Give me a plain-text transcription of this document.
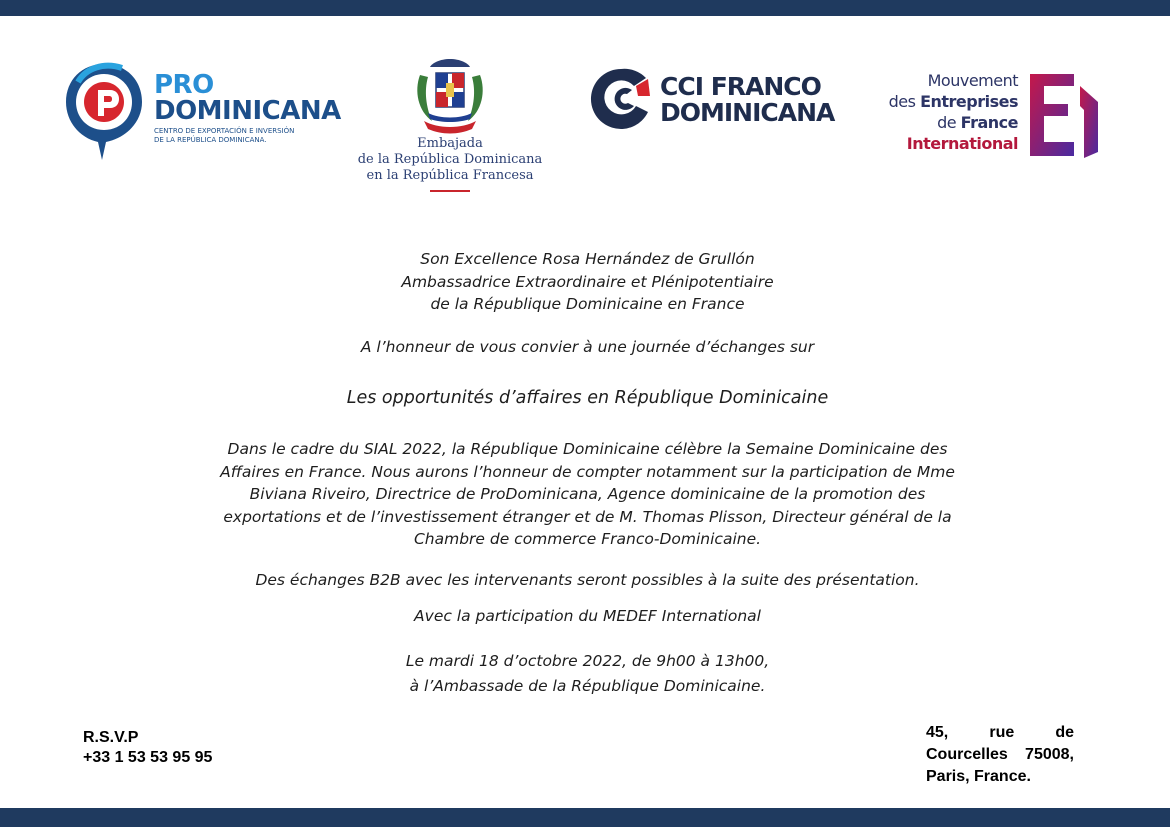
PRO
DOMINICANA
CENTRO DE EXPORTACIÓN E INVERSIÓN
DE LA REPÚBLICA DOMINICANA.	Embajada
de la República Dominicana
en la República Francesa
CCI FRANCO
DOMINICANA
Mouvement
des Entreprises
de France
International
Son Excellence Rosa Hernández de Grullón
Ambassadrice Extraordinaire et Plénipotentiaire
de la République Dominicaine en France
A l’honneur de vous convier à une journée d’échanges sur
Les opportunités d’affaires en République Dominicaine
Dans le cadre du SIAL 2022, la République Dominicaine célèbre la Semaine Dominicaine des
Affaires en France. Nous aurons l’honneur de compter notamment sur la participation de Mme
Biviana Riveiro, Directrice de ProDominicana, Agence dominicaine de la promotion des
exportations et de l’investissement étranger et de M. Thomas Plisson, Directeur général de la
Chambre de commerce Franco-Dominicaine.
Des échanges B2B avec les intervenants seront possibles à la suite des présentation.
Avec la participation du MEDEF International
Le mardi 18 d’octobre 2022, de 9h00 à 13h00,
à l’Ambassade de la République Dominicaine.
R.S.V.P
+33 1 53 53 95 95
45, rue de
Courcelles 75008,
Paris, France.
